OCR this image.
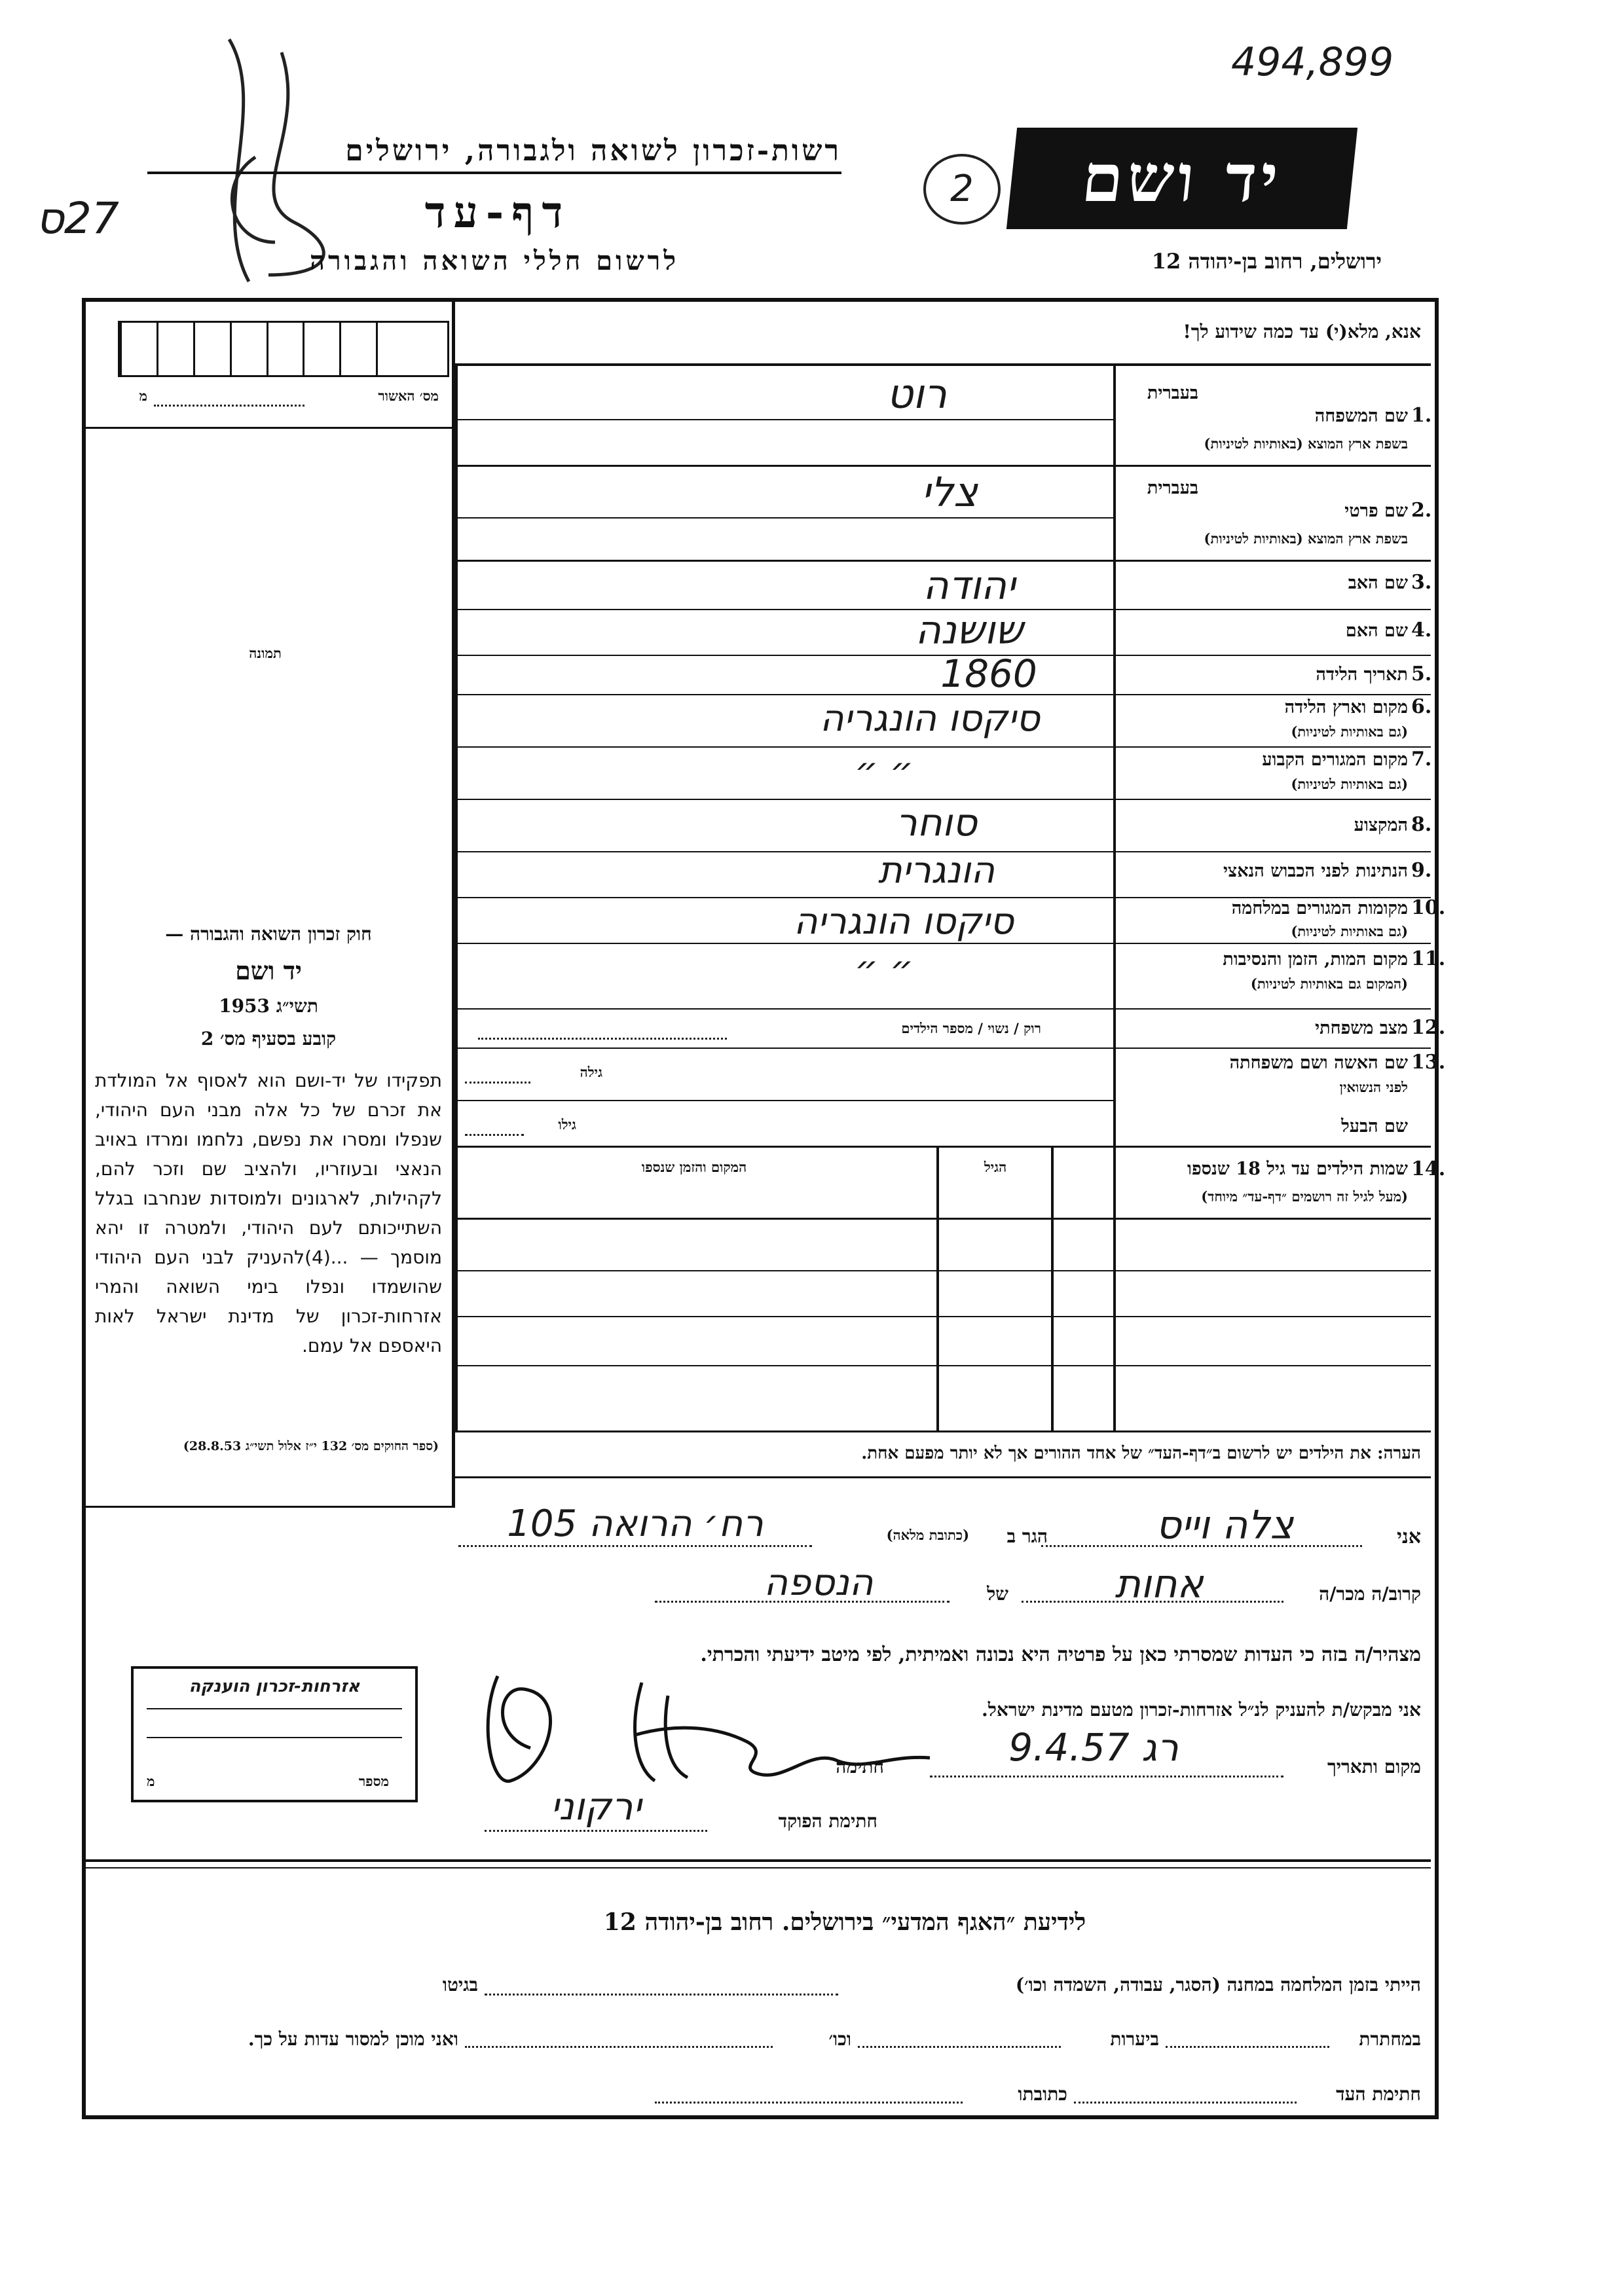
494,899
27ס
רשות-זכרון לשואה ולגבורה, ירושלים
דף-עד
לרשום חללי השואה והגבורה
2	יד ושם
ירושלים, רחוב בן-יהודה 12
מס׳ האשור
מ
תמונה
חוק זכרון השואה והגבורה —
יד ושם
1953 תשי״ג
קובע בסעיף מס׳ 2
תפקידו של יד-ושם הוא לאסוף אל המולדת את זכרם של כל אלה מבני העם היהודי, שנפלו ומסרו את נפשם, נלחמו ומרדו באויב הנאצי ובעוזריו, ולהציב שם וזכר להם, לקהילות, לארגונים ולמוסדות שנחרבו בגלל השתייכותם לעם היהודי, ולמטרה זו יהא מוסמך — ...(4)להעניק לבני העם היהודי שהושמדו ונפלו בימי השואה והמרי אזרחות-זכרון של מדינת ישראל לאות היאספם אל עמם.
(ספר החוקים מס׳ 132 י״ז אלול תשי״ג 28.8.53)
אנא, מלא(י) עד כמה שידוע לך!
בעברית
שם המשפחה 1.
בשפת ארץ המוצא (באותיות לטיניות)
רוט
בעברית
שם פרטי 2.
בשפת ארץ המוצא (באותיות לטיניות)
צלי
שם האב 3.
יהודה
שם האם 4.
שושנה
תאריך הלידה 5.
1860
מקום וארץ הלידה 6.
(גם באותיות לטיניות)
סיקסו הונגריה
מקום המגורים הקבוע 7.
(גם באותיות לטיניות)
״ ״
המקצוע 8.
סוחר
הנתינות לפני הכבוש הנאצי 9.
הונגרית
מקומות המגורים במלחמה 10.
(גם באותיות לטיניות)
סיקסו הונגריה
מקום המות, הזמן והנסיבות 11.
(המקום גם באותיות לטיניות)
״ ״
מצב משפחתי 12.
רוק / נשוי / מספר הילדים
שם האשה ושם משפחתה 13.
לפני הנשואין
גילה
שם הבעל
גילו
14.
שמות הילדים עד גיל 18 שנספו
(מעל לגיל זה רושמים ״דף-עד״ מיוחד)
הגיל
המקום והזמן שנספו
הערה: את הילדים יש לרשום ב״דף-העד״ של אחד ההורים אך לא יותר מפעם אחת.
אני
צלה וייס
הגר ב
(כתובת מלאה)
רח׳ הרואה 105
קרוב/ה מכר/ה
אחות
של
הנספה
מצהיר/ה בזה כי העדות שמסרתי כאן על פרטיה היא נכונה ואמיתית, לפי מיטב ידיעתי והכרתי.
אני מבקש/ת להעניק לנ״ל אזרחות-זכרון מטעם מדינת ישראל.
מקום ותאריך
רג 9.4.57
חתימה
חתימת הפוקד
ירקוני
אזרחות-זכרון הוענקה
מספר
מ
לידיעת ״האגף המדעי״ בירושלים. רחוב בן-יהודה 12
הייתי בזמן המלחמה במחנה (הסגר, עבודה, השמדה וכו׳)
בגיטו
במחתרת
ביערות
וכו׳
ואני מוכן למסור עדות על כך.
חתימת העד
כתובתו
